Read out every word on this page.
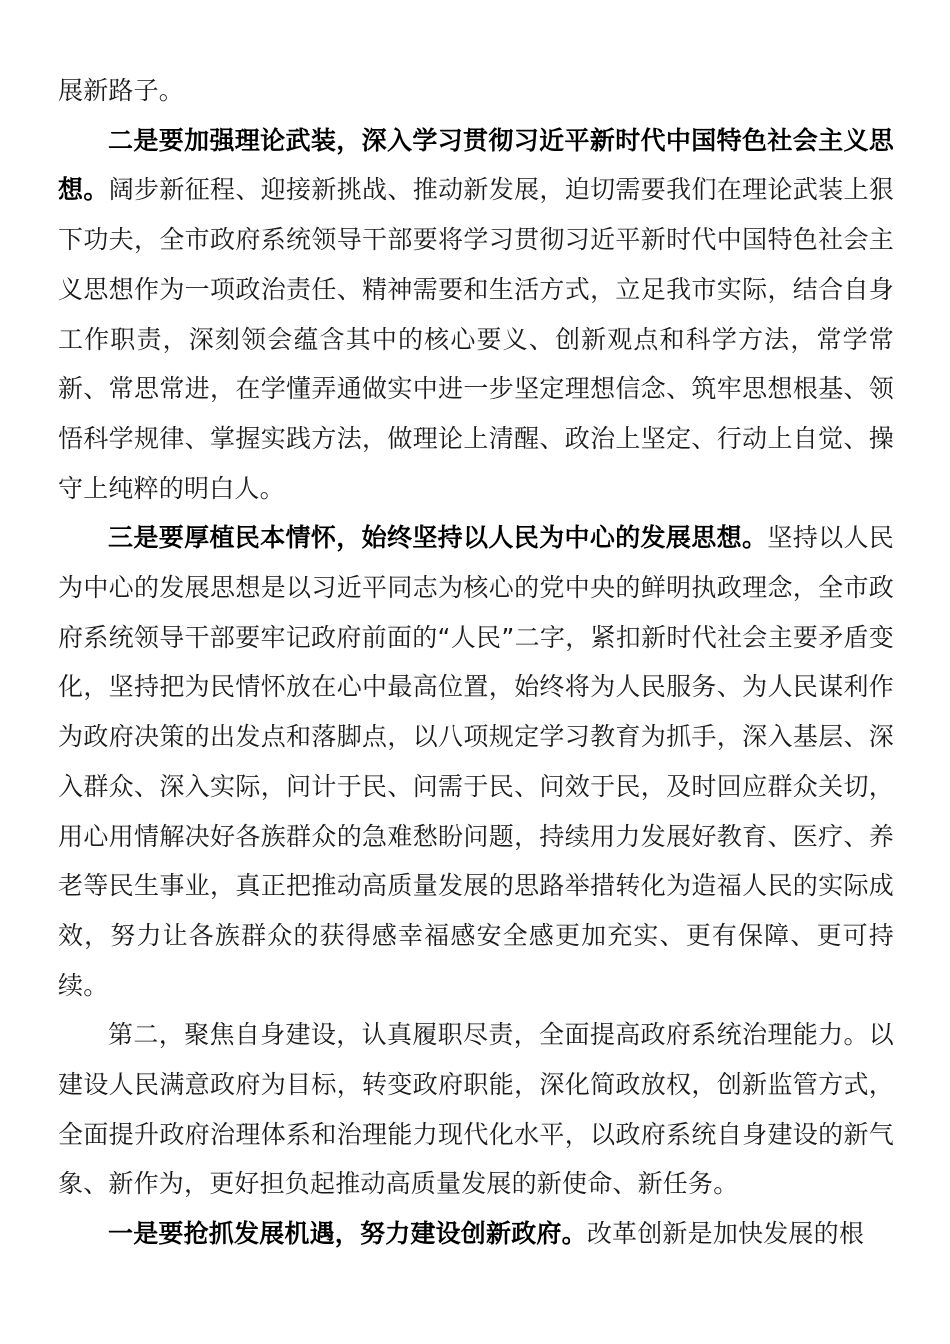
展新路子。

二是要加强理论武装，深入学习贯彻习近平新时代中国特色社会主义思想。阔步新征程、迎接新挑战、推动新发展，迫切需要我们在理论武装上狠下功夫，全市政府系统领导干部要将学习贯彻习近平新时代中国特色社会主义思想作为一项政治责任、精神需要和生活方式，立足我市实际，结合自身工作职责，深刻领会蕴含其中的核心要义、创新观点和科学方法，常学常新、常思常进，在学懂弄通做实中进一步坚定理想信念、筑牢思想根基、领悟科学规律、掌握实践方法，做理论上清醒、政治上坚定、行动上自觉、操守上纯粹的明白人。

三是要厚植民本情怀，始终坚持以人民为中心的发展思想。坚持以人民为中心的发展思想是以习近平同志为核心的党中央的鲜明执政理念，全市政府系统领导干部要牢记政府前面的“人民”二字，紧扣新时代社会主要矛盾变化，坚持把为民情怀放在心中最高位置，始终将为人民服务、为人民谋利作为政府决策的出发点和落脚点，以八项规定学习教育为抓手，深入基层、深入群众、深入实际，问计于民、问需于民、问效于民，及时回应群众关切，用心用情解决好各族群众的急难愁盼问题，持续用力发展好教育、医疗、养老等民生事业，真正把推动高质量发展的思路举措转化为造福人民的实际成效，努力让各族群众的获得感幸福感安全感更加充实、更有保障、更可持续。

第二，聚焦自身建设，认真履职尽责，全面提高政府系统治理能力。以建设人民满意政府为目标，转变政府职能，深化简政放权，创新监管方式，全面提升政府治理体系和治理能力现代化水平，以政府系统自身建设的新气象、新作为，更好担负起推动高质量发展的新使命、新任务。

一是要抢抓发展机遇，努力建设创新政府。改革创新是加快发展的根
